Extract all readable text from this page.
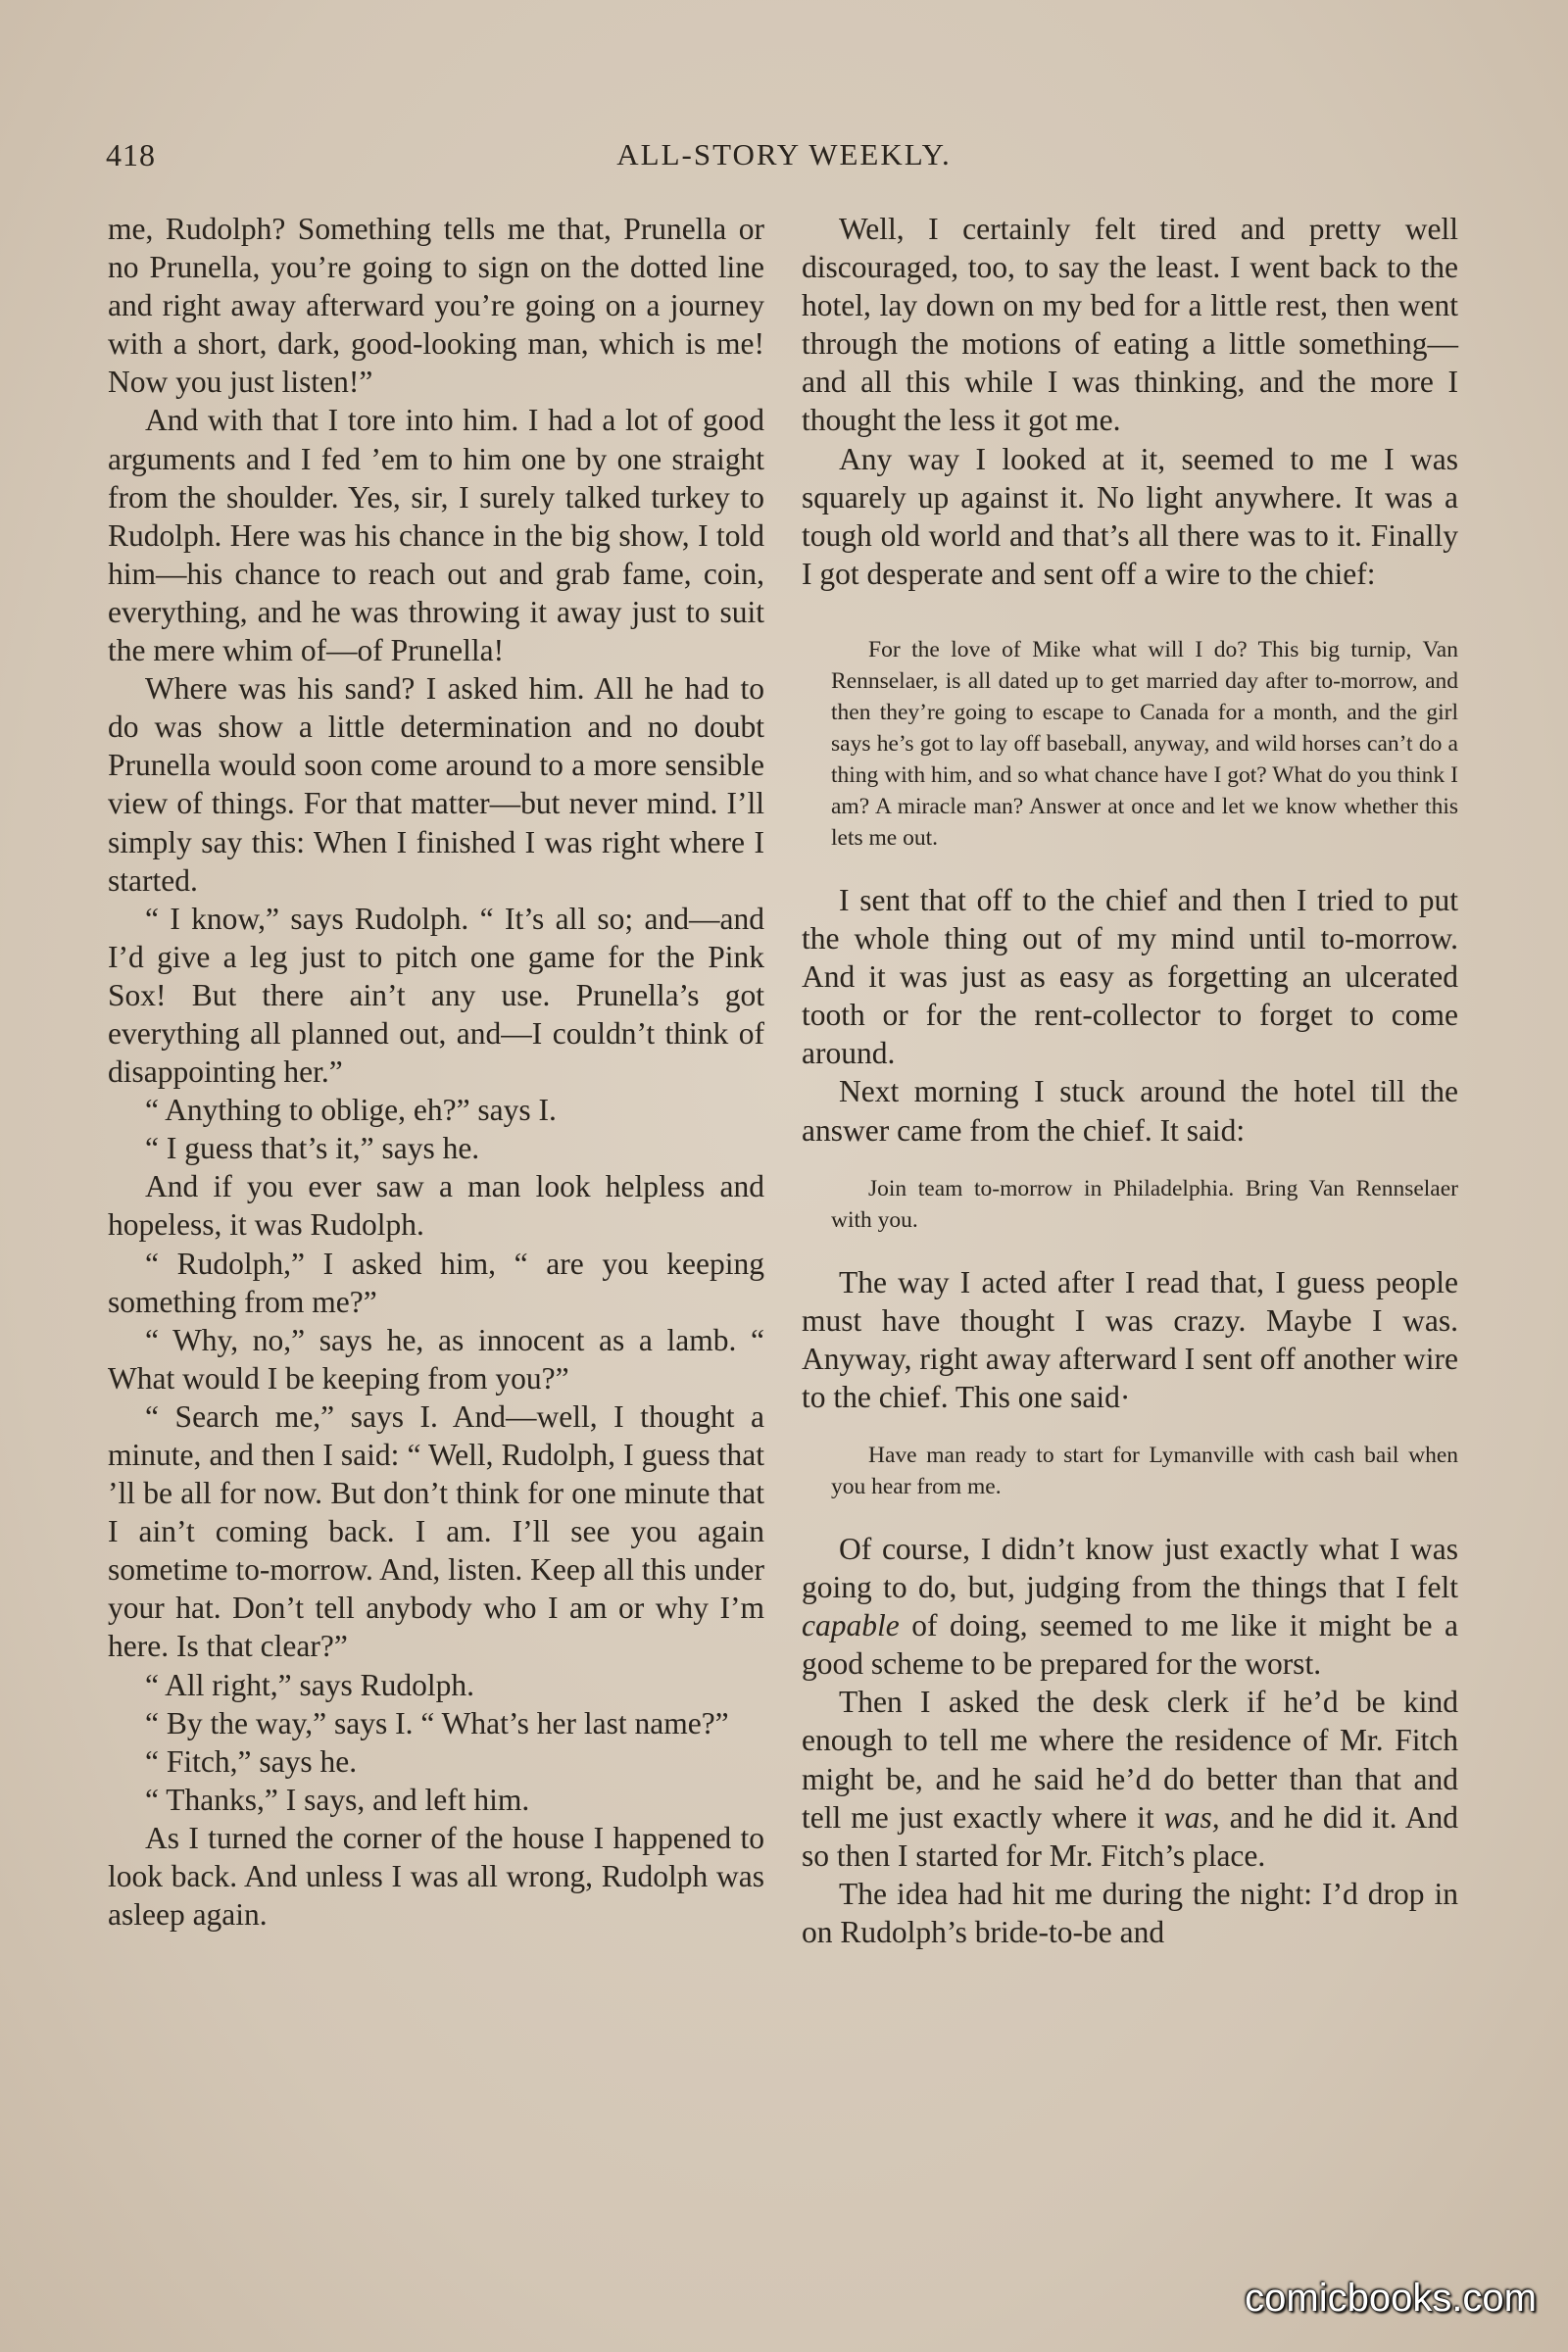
418	ALL-STORY WEEKLY.

me, Rudolph? Something tells me that, Prunella or no Prunella, you’re going to sign on the dotted line and right away afterward you’re going on a journey with a short, dark, good-looking man, which is me! Now you just listen!”

And with that I tore into him. I had a lot of good arguments and I fed ’em to him one by one straight from the shoulder. Yes, sir, I surely talked turkey to Rudolph. Here was his chance in the big show, I told him—his chance to reach out and grab fame, coin, everything, and he was throwing it away just to suit the mere whim of—of Prunella!

Where was his sand? I asked him. All he had to do was show a little determination and no doubt Prunella would soon come around to a more sensible view of things. For that matter—but never mind. I’ll simply say this: When I finished I was right where I started.

“ I know,” says Rudolph. “ It’s all so; and—and I’d give a leg just to pitch one game for the Pink Sox! But there ain’t any use. Prunella’s got everything all planned out, and—I couldn’t think of disappointing her.”

“ Anything to oblige, eh?” says I.

“ I guess that’s it,” says he.

And if you ever saw a man look helpless and hopeless, it was Rudolph.

“ Rudolph,” I asked him, “ are you keeping something from me?”

“ Why, no,” says he, as innocent as a lamb. “ What would I be keeping from you?”

“ Search me,” says I. And—well, I thought a minute, and then I said: “ Well, Rudolph, I guess that ’ll be all for now. But don’t think for one minute that I ain’t coming back. I am. I’ll see you again sometime to-morrow. And, listen. Keep all this under your hat. Don’t tell anybody who I am or why I’m here. Is that clear?”

“ All right,” says Rudolph.

“ By the way,” says I. “ What’s her last name?”

“ Fitch,” says he.

“ Thanks,” I says, and left him.

As I turned the corner of the house I happened to look back. And unless I was all wrong, Rudolph was asleep again.

Well, I certainly felt tired and pretty well discouraged, too, to say the least. I went back to the hotel, lay down on my bed for a little rest, then went through the motions of eating a little something—and all this while I was thinking, and the more I thought the less it got me.

Any way I looked at it, seemed to me I was squarely up against it. No light anywhere. It was a tough old world and that’s all there was to it. Finally I got desperate and sent off a wire to the chief:

For the love of Mike what will I do? This big turnip, Van Rennselaer, is all dated up to get married day after to-morrow, and then they’re going to escape to Canada for a month, and the girl says he’s got to lay off baseball, anyway, and wild horses can’t do a thing with him, and so what chance have I got? What do you think I am? A miracle man? Answer at once and let we know whether this lets me out.

I sent that off to the chief and then I tried to put the whole thing out of my mind until to-morrow. And it was just as easy as forgetting an ulcerated tooth or for the rent-collector to forget to come around.

Next morning I stuck around the hotel till the answer came from the chief. It said:

Join team to-morrow in Philadelphia. Bring Van Rennselaer with you.

The way I acted after I read that, I guess people must have thought I was crazy. Maybe I was. Anyway, right away afterward I sent off another wire to the chief. This one said·

Have man ready to start for Lymanville with cash bail when you hear from me.

Of course, I didn’t know just exactly what I was going to do, but, judging from the things that I felt capable of doing, seemed to me like it might be a good scheme to be prepared for the worst.

Then I asked the desk clerk if he’d be kind enough to tell me where the residence of Mr. Fitch might be, and he said he’d do better than that and tell me just exactly where it was, and he did it. And so then I started for Mr. Fitch’s place.

The idea had hit me during the night: I’d drop in on Rudolph’s bride-to-be and

comicbooks.com
